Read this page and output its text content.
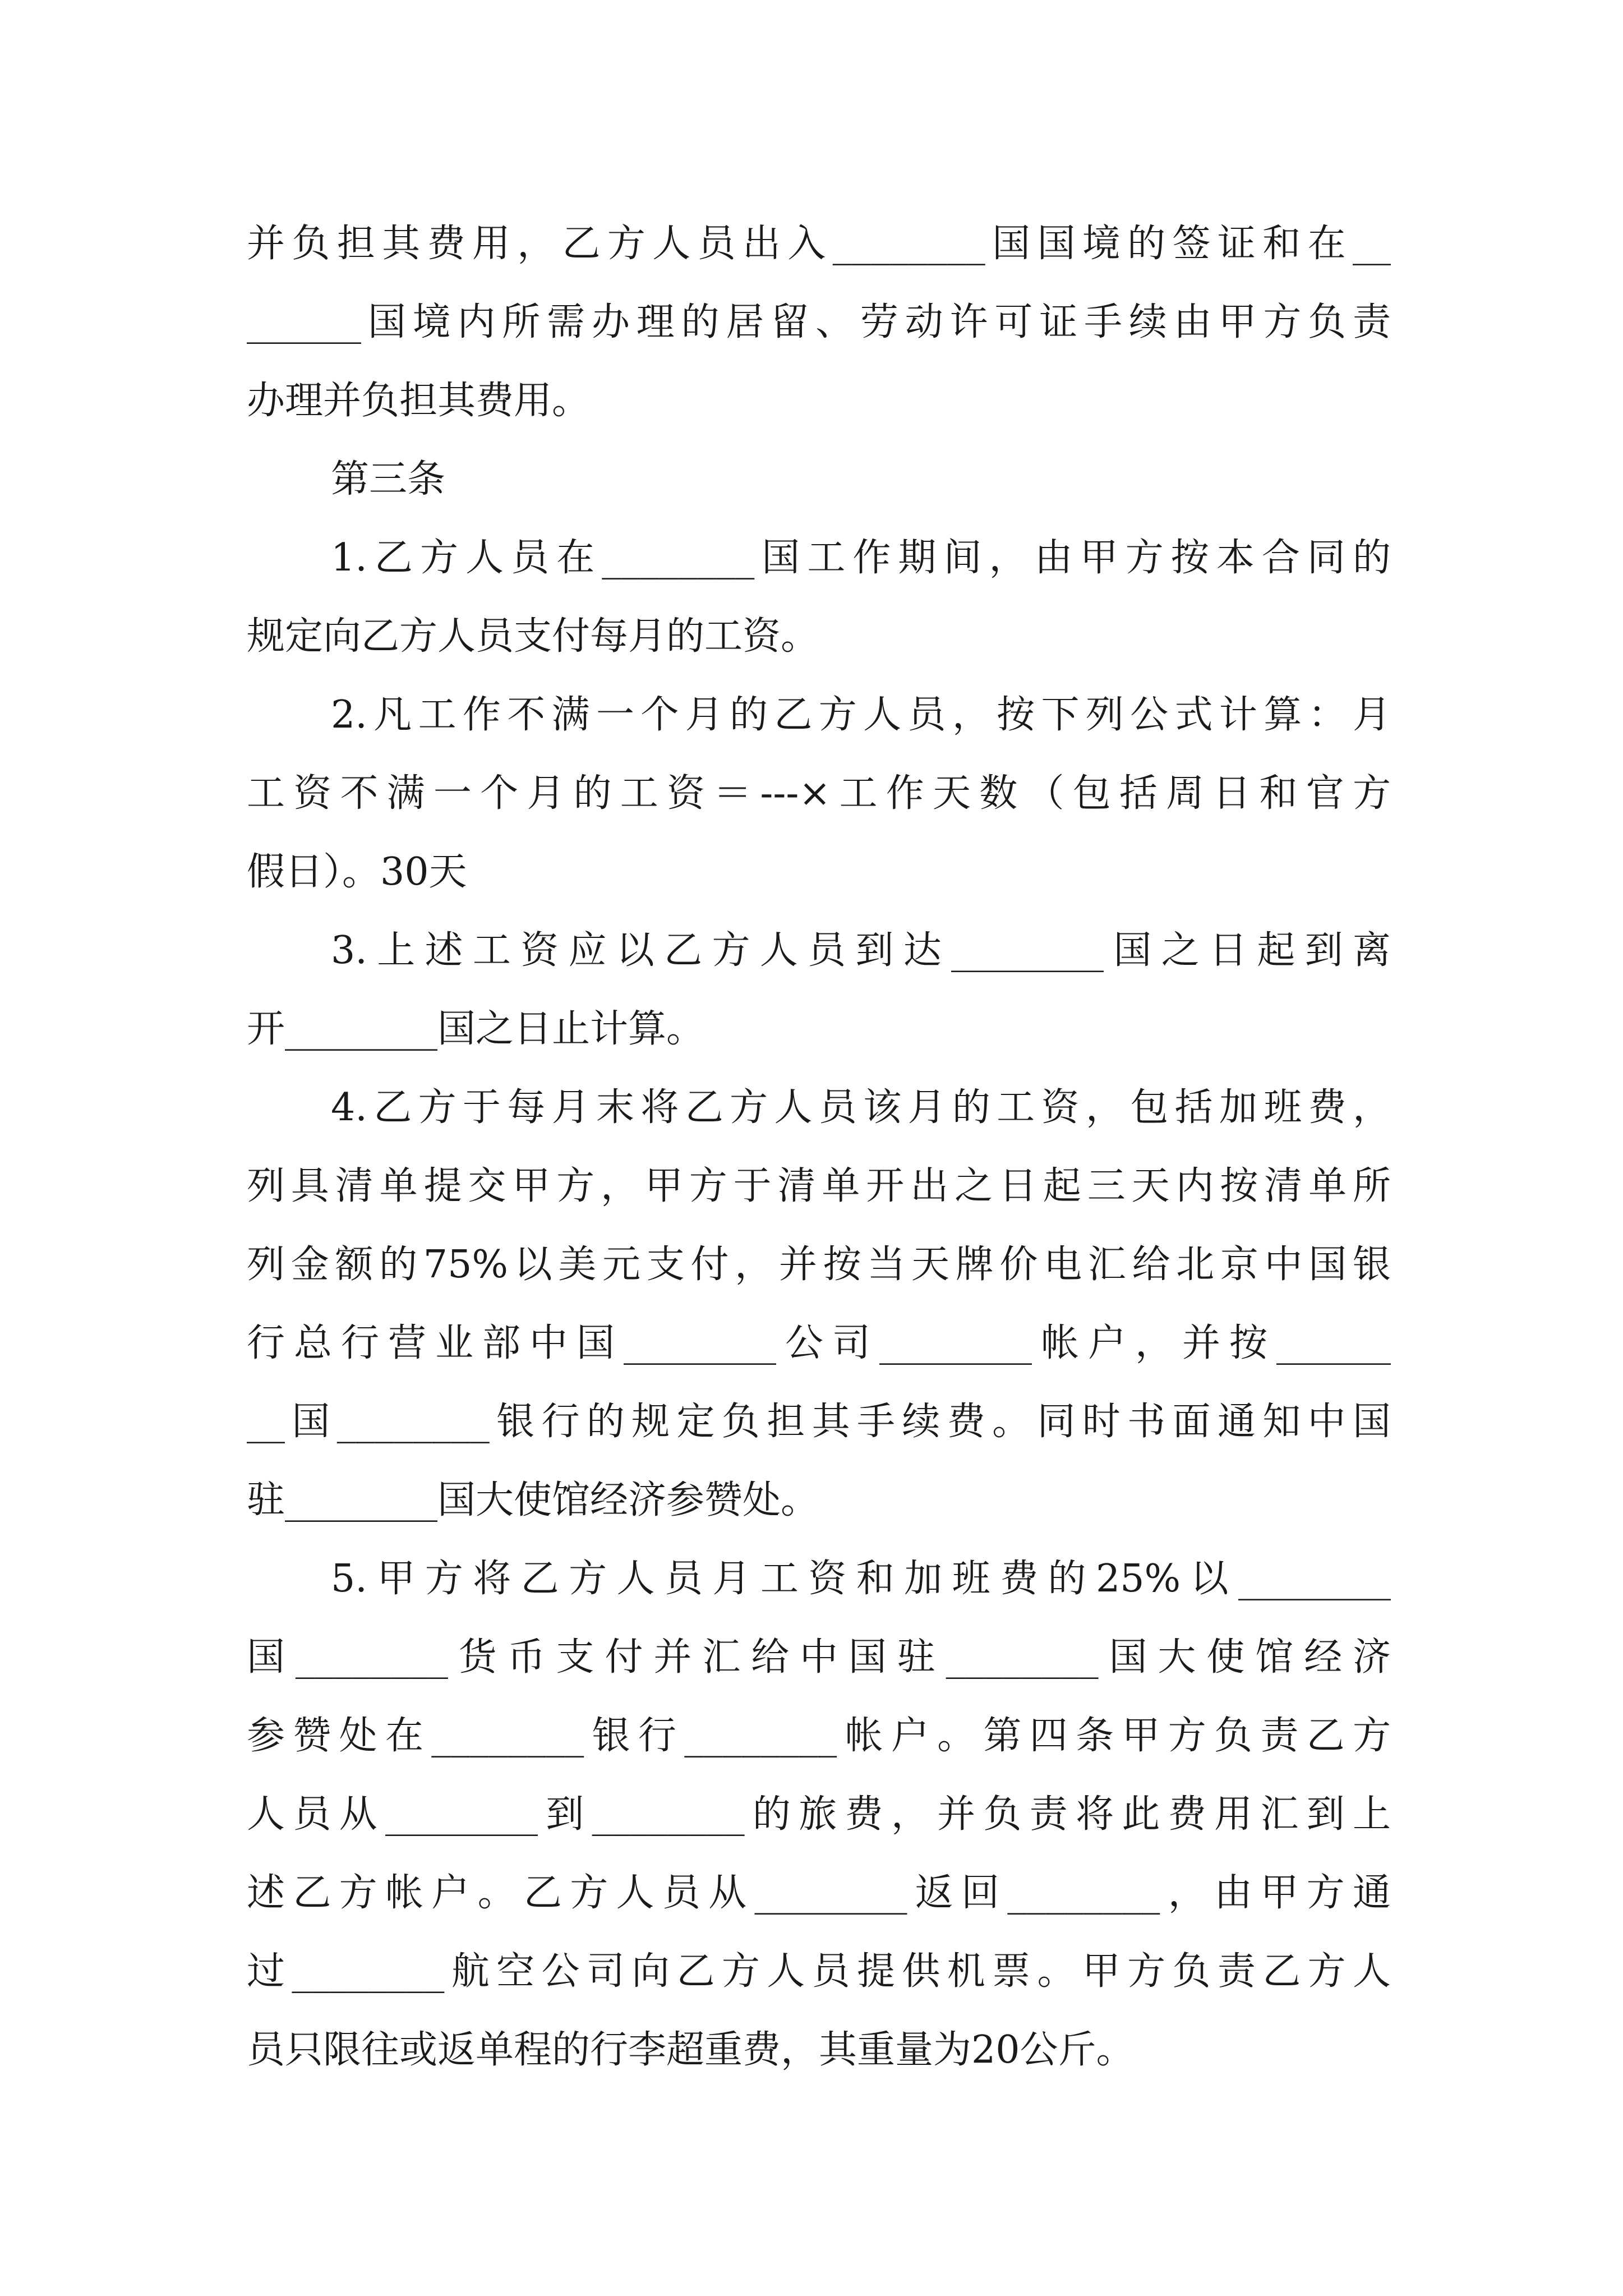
并负担其费用，乙方人员出入________国国境的签证和在__
______国境内所需办理的居留、劳动许可证手续由甲方负责
办理并负担其费用。
第三条
1.乙方人员在________国工作期间，由甲方按本合同的
规定向乙方人员支付每月的工资。
2.凡工作不满一个月的乙方人员，按下列公式计算：月
工资不满一个月的工资＝---×工作天数（包括周日和官方
假日）。30天
3.上述工资应以乙方人员到达________国之日起到离
开________国之日止计算。
4.乙方于每月末将乙方人员该月的工资，包括加班费，
列具清单提交甲方，甲方于清单开出之日起三天内按清单所
列金额的75%以美元支付，并按当天牌价电汇给北京中国银
行总行营业部中国________公司________帐户，并按______
__国________银行的规定负担其手续费。同时书面通知中国
驻________国大使馆经济参赞处。
5.甲方将乙方人员月工资和加班费的25%以________
国________货币支付并汇给中国驻________国大使馆经济
参赞处在________银行________帐户。第四条甲方负责乙方
人员从________到________的旅费，并负责将此费用汇到上
述乙方帐户。乙方人员从________返回________，由甲方通
过________航空公司向乙方人员提供机票。甲方负责乙方人
员只限往或返单程的行李超重费，其重量为20公斤。
